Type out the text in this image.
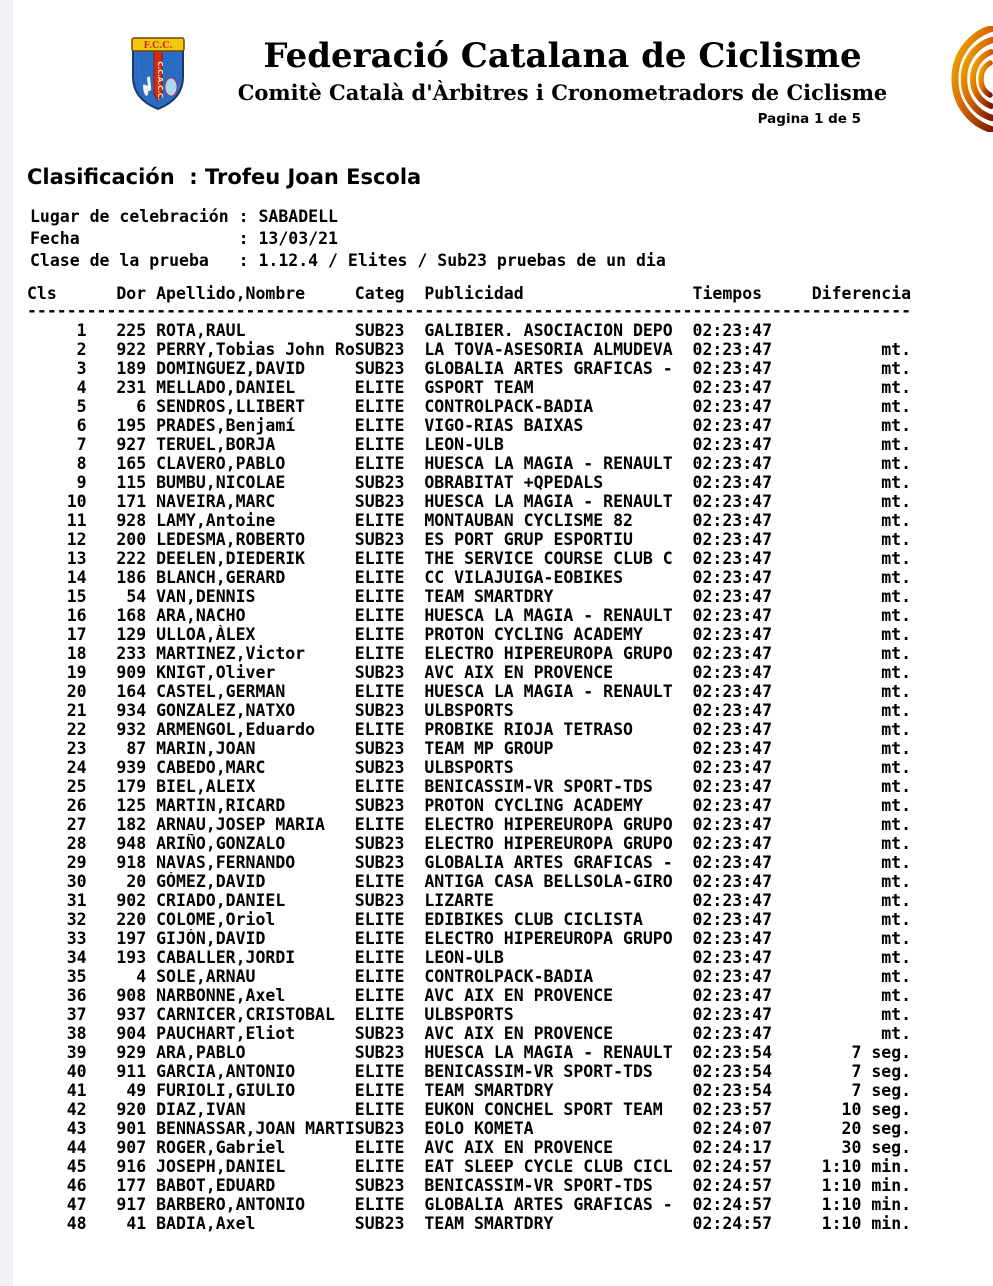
C.C.A.C.C.
F.C.C.	Federació Catalana de Ciclisme
Comitè Català d'Àrbitres i Cronometradors de Ciclisme
Pagina 1 de 5
Clasificación  : Trofeu Joan Escola
Lugar de celebración : SABADELL
Fecha                : 13/03/21
Clase de la prueba   : 1.12.4 / Elites / Sub23 pruebas de un dia
Cls	Dor Apellido,Nombre	Categ	Publicidad	Tiempos	Diferencia
-----------------------------------------------------------------------------------------
1	225 ROTA,RAUL	SUB23	GALIBIER. ASOCIACION DEPO	02:23:47
2	922 PERRY,Tobias John Ro SUB23	LA TOVA-ASESORIA ALMUDEVA	02:23:47	mt.
3	189 DOMINGUEZ,DAVID	SUB23	GLOBALIA ARTES GRAFICAS -	02:23:47	mt.
4	231 MELLADO,DANIEL	ELITE	GSPORT TEAM	02:23:47	mt.
5	6 SENDROS,LLIBERT	ELITE	CONTROLPACK-BADIA	02:23:47	mt.
6	195 PRADES,Benjamí	ELITE	VIGO-RIAS BAIXAS	02:23:47	mt.
7	927 TERUEL,BORJA	ELITE	LEON-ULB	02:23:47	mt.
8	165 CLAVERO,PABLO	ELITE	HUESCA LA MAGIA - RENAULT	02:23:47	mt.
9	115 BUMBU,NICOLAE	SUB23	OBRABITAT +QPEDALS	02:23:47	mt.
10	171 NAVEIRA,MARC	SUB23	HUESCA LA MAGIA - RENAULT	02:23:47	mt.
11	928 LAMY,Antoine	ELITE	MONTAUBAN CYCLISME 82	02:23:47	mt.
12	200 LEDESMA,ROBERTO	SUB23	ES PORT GRUP ESPORTIU	02:23:47	mt.
13	222 DEELEN,DIEDERIK	ELITE	THE SERVICE COURSE CLUB C	02:23:47	mt.
14	186 BLANCH,GERARD	ELITE	CC VILAJUIGA-EOBIKES	02:23:47	mt.
15	54 VAN,DENNIS	ELITE	TEAM SMARTDRY	02:23:47	mt.
16	168 ARA,NACHO	ELITE	HUESCA LA MAGIA - RENAULT	02:23:47	mt.
17	129 ULLOA,ÀLEX	ELITE	PROTON CYCLING ACADEMY	02:23:47	mt.
18	233 MARTINEZ,Victor	ELITE	ELECTRO HIPEREUROPA GRUPO	02:23:47	mt.
19	909 KNIGT,Oliver	SUB23	AVC AIX EN PROVENCE	02:23:47	mt.
20	164 CASTEL,GERMAN	ELITE	HUESCA LA MAGIA - RENAULT	02:23:47	mt.
21	934 GONZALEZ,NATXO	SUB23	ULBSPORTS	02:23:47	mt.
22	932 ARMENGOL,Eduardo	ELITE	PROBIKE RIOJA TETRASO	02:23:47	mt.
23	87 MARIN,JOAN	SUB23	TEAM MP GROUP	02:23:47	mt.
24	939 CABEDO,MARC	SUB23	ULBSPORTS	02:23:47	mt.
25	179 BIEL,ALEIX	ELITE	BENICASSIM-VR SPORT-TDS	02:23:47	mt.
26	125 MARTIN,RICARD	SUB23	PROTON CYCLING ACADEMY	02:23:47	mt.
27	182 ARNAU,JOSEP MARIA	ELITE	ELECTRO HIPEREUROPA GRUPO	02:23:47	mt.
28	948 ARIÑO,GONZALO	SUB23	ELECTRO HIPEREUROPA GRUPO	02:23:47	mt.
29	918 NAVAS,FERNANDO	SUB23	GLOBALIA ARTES GRAFICAS -	02:23:47	mt.
30	20 GÓMEZ,DAVID	ELITE	ANTIGA CASA BELLSOLA-GIRO	02:23:47	mt.
31	902 CRIADO,DANIEL	SUB23	LIZARTE	02:23:47	mt.
32	220 COLOME,Oriol	ELITE	EDIBIKES CLUB CICLISTA	02:23:47	mt.
33	197 GIJÓN,DAVID	ELITE	ELECTRO HIPEREUROPA GRUPO	02:23:47	mt.
34	193 CABALLER,JORDI	ELITE	LEON-ULB	02:23:47	mt.
35	4 SOLE,ARNAU	ELITE	CONTROLPACK-BADIA	02:23:47	mt.
36	908 NARBONNE,Axel	ELITE	AVC AIX EN PROVENCE	02:23:47	mt.
37	937 CARNICER,CRISTOBAL	ELITE	ULBSPORTS	02:23:47	mt.
38	904 PAUCHART,Eliot	SUB23	AVC AIX EN PROVENCE	02:23:47	mt.
39	929 ARA,PABLO	SUB23	HUESCA LA MAGIA - RENAULT	02:23:54	7 seg.
40	911 GARCIA,ANTONIO	ELITE	BENICASSIM-VR SPORT-TDS	02:23:54	7 seg.
41	49 FURIOLI,GIULIO	ELITE	TEAM SMARTDRY	02:23:54	7 seg.
42	920 DIAZ,IVAN	ELITE	EUKON CONCHEL SPORT TEAM	02:23:57	10 seg.
43	901 BENNASSAR,JOAN MARTI SUB23	EOLO KOMETA	02:24:07	20 seg.
44	907 ROGER,Gabriel	ELITE	AVC AIX EN PROVENCE	02:24:17	30 seg.
45	916 JOSEPH,DANIEL	ELITE	EAT SLEEP CYCLE CLUB CICL	02:24:57	1:10 min.
46	177 BABOT,EDUARD	SUB23	BENICASSIM-VR SPORT-TDS	02:24:57	1:10 min.
47	917 BARBERO,ANTONIO	ELITE	GLOBALIA ARTES GRAFICAS -	02:24:57	1:10 min.
48	41 BADIA,Axel	SUB23	TEAM SMARTDRY	02:24:57	1:10 min.
